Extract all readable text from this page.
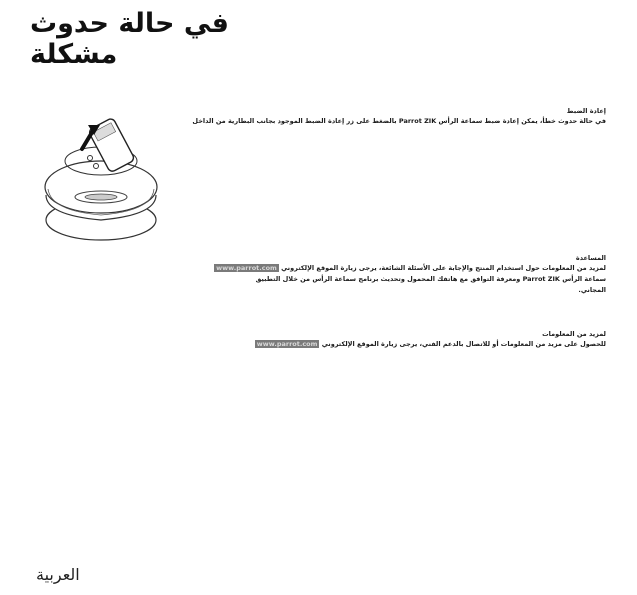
في حالة حدوث مشكلة
إعادة الضبط
في حالة حدوث خطأ، يمكن إعادة ضبط سماعة الرأس Parrot ZIK بالضغط على زر إعادة الضبط الموجود بجانب البطارية من الداخل
المساعدة
لمزيد من المعلومات حول استخدام المنتج والإجابة على الأسئلة الشائعة، يرجى زيارة الموقع الإلكتروني www.parrot.com
سماعة الرأس Parrot ZIK ومعرفة التوافق مع هاتفك المحمول وتحديث برنامج سماعة الرأس من خلال التطبيق
المجاني.
لمزيد من المعلومات
للحصول على مزيد من المعلومات أو للاتصال بالدعم الفني، يرجى زيارة الموقع الإلكتروني www.parrot.com
العربية
